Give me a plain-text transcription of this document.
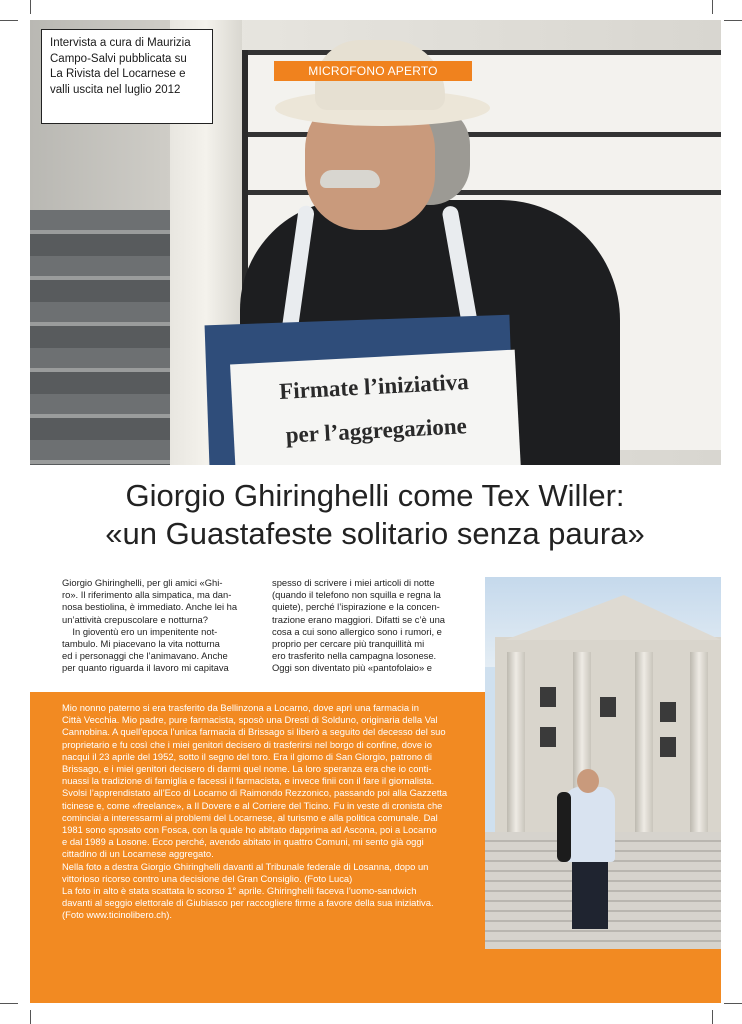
Firmate l’iniziativa
per l’aggregazione
Intervista a cura di Maurizia
Campo-Salvi pubblicata su
La Rivista del Locarnese e
valli uscita nel luglio 2012
MICROFONO APERTO
Giorgio Ghiringhelli come Tex Willer:
«un Guastafeste solitario senza paura»

Giorgio Ghiringhelli, per gli amici «Ghi-

ro». Il riferimento alla simpatica, ma dan-

nosa bestiolina, è immediato. Anche lei ha

un’attività crepuscolare e notturna?

In gioventù ero un impenitente not-

tambulo. Mi piacevano la vita notturna

ed i personaggi che l’animavano. Anche

per quanto riguarda il lavoro mi capitava

spesso di scrivere i miei articoli di notte

(quando il telefono non squilla e regna la

quiete), perché l’ispirazione e la concen-

trazione erano maggiori. Difatti se c’è una

cosa a cui sono allergico sono i rumori, e

proprio per cercare più tranquillità mi

ero trasferito nella campagna losonese.

Oggi son diventato più «pantofolaio» e

Mio nonno paterno si era trasferito da Bellinzona a Locarno, dove aprì una farmacia in

Città Vecchia. Mio padre, pure farmacista, sposò una Dresti di Solduno, originaria della Val

Cannobina. A quell’epoca l’unica farmacia di Brissago si liberò a seguito del decesso del suo

proprietario e fu così che i miei genitori decisero di trasferirsi nel borgo di confine, dove io

nacqui il 23 aprile del 1952, sotto il segno del toro. Era il giorno di San Giorgio, patrono di

Brissago, e i miei genitori decisero di darmi quel nome. La loro speranza era che io conti-

nuassi la tradizione di famiglia e facessi il farmacista, e invece finii con il fare il giornalista.

Svolsi l’apprendistato all’Eco di Locarno di Raimondo Rezzonico, passando poi alla Gazzetta

ticinese e, come «freelance», a Il Dovere e al Corriere del Ticino. Fu in veste di cronista che

cominciai a interessarmi ai problemi del Locarnese, al turismo e alla politica comunale. Dal

1981 sono sposato con Fosca, con la quale ho abitato dapprima ad Ascona, poi a Locarno

e dal 1989 a Losone. Ecco perché, avendo abitato in quattro Comuni, mi sento già oggi

cittadino di un Locarnese aggregato.

Nella foto a destra Giorgio Ghiringhelli davanti al Tribunale federale di Losanna, dopo un

vittorioso ricorso contro una decisione del Gran Consiglio. (Foto Luca)

La foto in alto è stata scattata lo scorso 1° aprile. Ghiringhelli faceva l’uomo-sandwich

davanti al seggio elettorale di Giubiasco per raccogliere firme a favore della sua iniziativa.

(Foto www.ticinolibero.ch).
